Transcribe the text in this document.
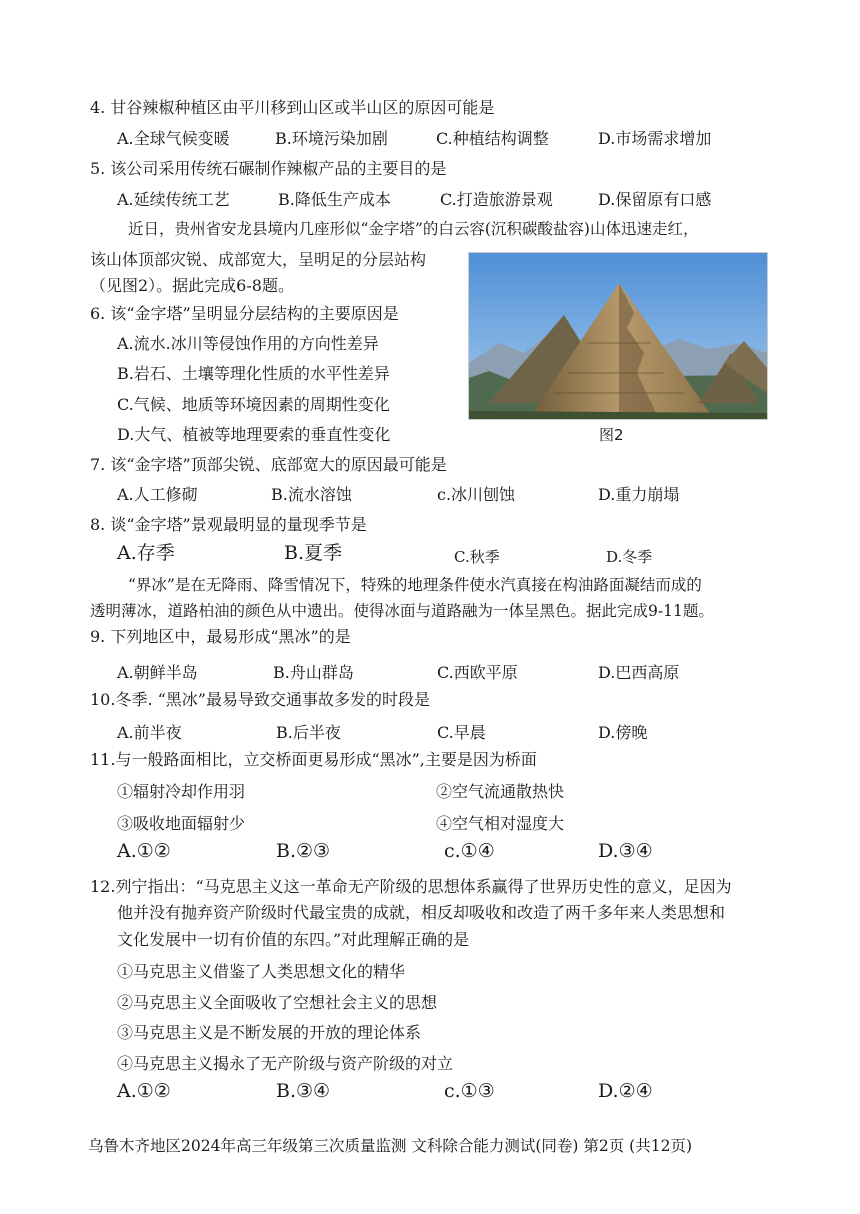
4. 甘谷辣椒种植区由平川移到山区或半山区的原因可能是
A.全球气候变暖	B.环境污染加剧	C.种植结构调整	D.市场需求增加
5. 该公司采用传统石碾制作辣椒产品的主要目的是
A.延续传统工艺	B.降低生产成本	C.打造旅游景观	D.保留原有口感
近日，贵州省安龙县境内几座形似“金字塔”的白云容(沉积碳酸盐容)山体迅速走红，
该山体顶部灾锐、成部宽大，呈明足的分层站构
（见图2）。据此完成6-8题。
图2
6. 该“金字塔”呈明显分层结构的主要原因是
A.流水.冰川等侵蚀作用的方向性差异
B.岩石、土壤等理化性质的水平性差异
C.气候、地质等环境因素的周期性变化
D.大气、植被等地理要索的垂直性变化
7. 该“金字塔”顶部尖锐、底部宽大的原因最可能是
A.人工修砌	B.流水溶蚀	c.冰川刨蚀	D.重力崩塌
8. 谈“金字塔”景观最明显的量现季节是
A.存季	B.夏季	C.秋季	D.冬季
“界冰”是在无降雨、降雪情况下，特殊的地理条件使水汽真接在构油路面凝结而成的
透明薄冰，道路柏油的颜色从中遗出。使得冰面与道路融为一体呈黑色。据此完成9-11题。
9. 下列地区中，最易形成“黑冰”的是
A.朝鲜半岛	B.舟山群岛	C.西欧平原	D.巴西高原
10.冬季. “黑冰”最易导致交通事故多发的时段是
A.前半夜	B.后半夜	C.早晨	D.傍晚
11.与一般路面相比，立交桥面更易形成“黑冰”,主要是因为桥面
①辐射冷却作用羽	②空气流通散热快
③吸收地面辐射少	④空气相对湿度大
A.①②	B.②③	c.①④	D.③④
12.列宁指出：“马克思主义这一革命无产阶级的思想体系赢得了世界历史性的意义，足因为
他并没有抛弃资产阶级时代最宝贵的成就，相反却吸收和改造了两千多年来人类思想和
文化发展中一切有价值的东四。”对此理解正确的是
①马克思主义借鉴了人类思想文化的精华
②马克思主义全面吸收了空想社会主义的思想
③马克思主义是不断发展的开放的理论体系
④马克思主义揭永了无产阶级与资产阶级的对立
A.①②	B.③④	c.①③	D.②④
乌鲁木齐地区2024年高三年级第三次质量监测 文科除合能力测试(同卷) 第2页 (共12页)
